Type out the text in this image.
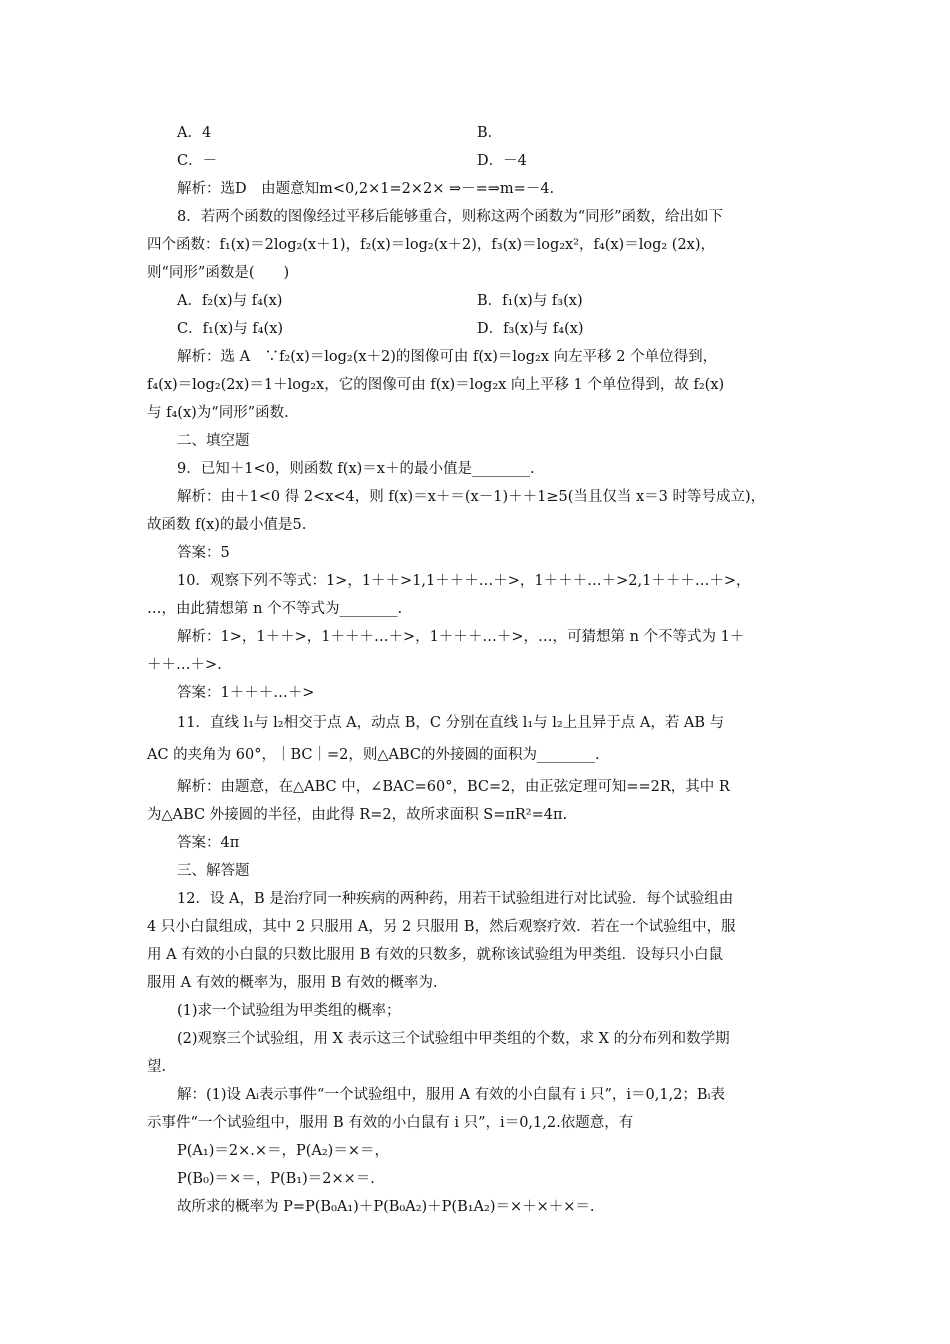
A．4	B．
C．－	D．－4
解析：选D　由题意知m<0,2×1=2×2× ⇒－=⇒m=－4.
8．若两个函数的图像经过平移后能够重合，则称这两个函数为“同形”函数，给出如下
四个函数：f₁(x)＝2log₂(x＋1)，f₂(x)＝log₂(x＋2)，f₃(x)＝log₂x²，f₄(x)＝log₂ (2x)，
则“同形”函数是(　　)
A．f₂(x)与 f₄(x)	B．f₁(x)与 f₃(x)
C．f₁(x)与 f₄(x)	D．f₃(x)与 f₄(x)
解析：选 A　∵f₂(x)＝log₂(x＋2)的图像可由 f(x)＝log₂x 向左平移 2 个单位得到，
f₄(x)＝log₂(2x)＝1＋log₂x，它的图像可由 f(x)＝log₂x 向上平移 1 个单位得到，故 f₂(x)
与 f₄(x)为“同形”函数.
二、填空题
9．已知＋1<0，则函数 f(x)＝x＋的最小值是________.
解析：由＋1<0 得 2<x<4，则 f(x)＝x＋＝(x－1)＋＋1≥5(当且仅当 x＝3 时等号成立)，
故函数 f(x)的最小值是5.
答案：5
10．观察下列不等式：1>，1＋＋>1,1＋＋＋…＋>，1＋＋＋…＋>2,1＋＋＋…＋>，
…，由此猜想第 n 个不等式为________.
解析：1>，1＋＋>，1＋＋＋…＋>，1＋＋＋…＋>，…，可猜想第 n 个不等式为 1＋
＋＋…＋>.
答案：1＋＋＋…＋>
11．直线 l₁与 l₂相交于点 A，动点 B，C 分别在直线 l₁与 l₂上且异于点 A，若 AB 与
AC 的夹角为 60°，｜BC｜=2，则△ABC的外接圆的面积为________.
解析：由题意，在△ABC 中，∠BAC=60°，BC=2，由正弦定理可知==2R，其中 R
为△ABC 外接圆的半径，由此得 R=2，故所求面积 S=πR²=4π.
答案：4π
三、解答题
12．设 A，B 是治疗同一种疾病的两种药，用若干试验组进行对比试验．每个试验组由
4 只小白鼠组成，其中 2 只服用 A，另 2 只服用 B，然后观察疗效．若在一个试验组中，服
用 A 有效的小白鼠的只数比服用 B 有效的只数多，就称该试验组为甲类组．设每只小白鼠
服用 A 有效的概率为，服用 B 有效的概率为.
(1)求一个试验组为甲类组的概率；
(2)观察三个试验组，用 X 表示这三个试验组中甲类组的个数，求 X 的分布列和数学期
望.
解：(1)设 Aᵢ表示事件“一个试验组中，服用 A 有效的小白鼠有 i 只”，i＝0,1,2；Bᵢ表
示事件“一个试验组中，服用 B 有效的小白鼠有 i 只”，i＝0,1,2.依题意，有
P(A₁)＝2×.×＝，P(A₂)＝×＝，
P(B₀)＝×＝，P(B₁)＝2××＝.
故所求的概率为 P=P(B₀A₁)＋P(B₀A₂)＋P(B₁A₂)＝×＋×＋×＝.
